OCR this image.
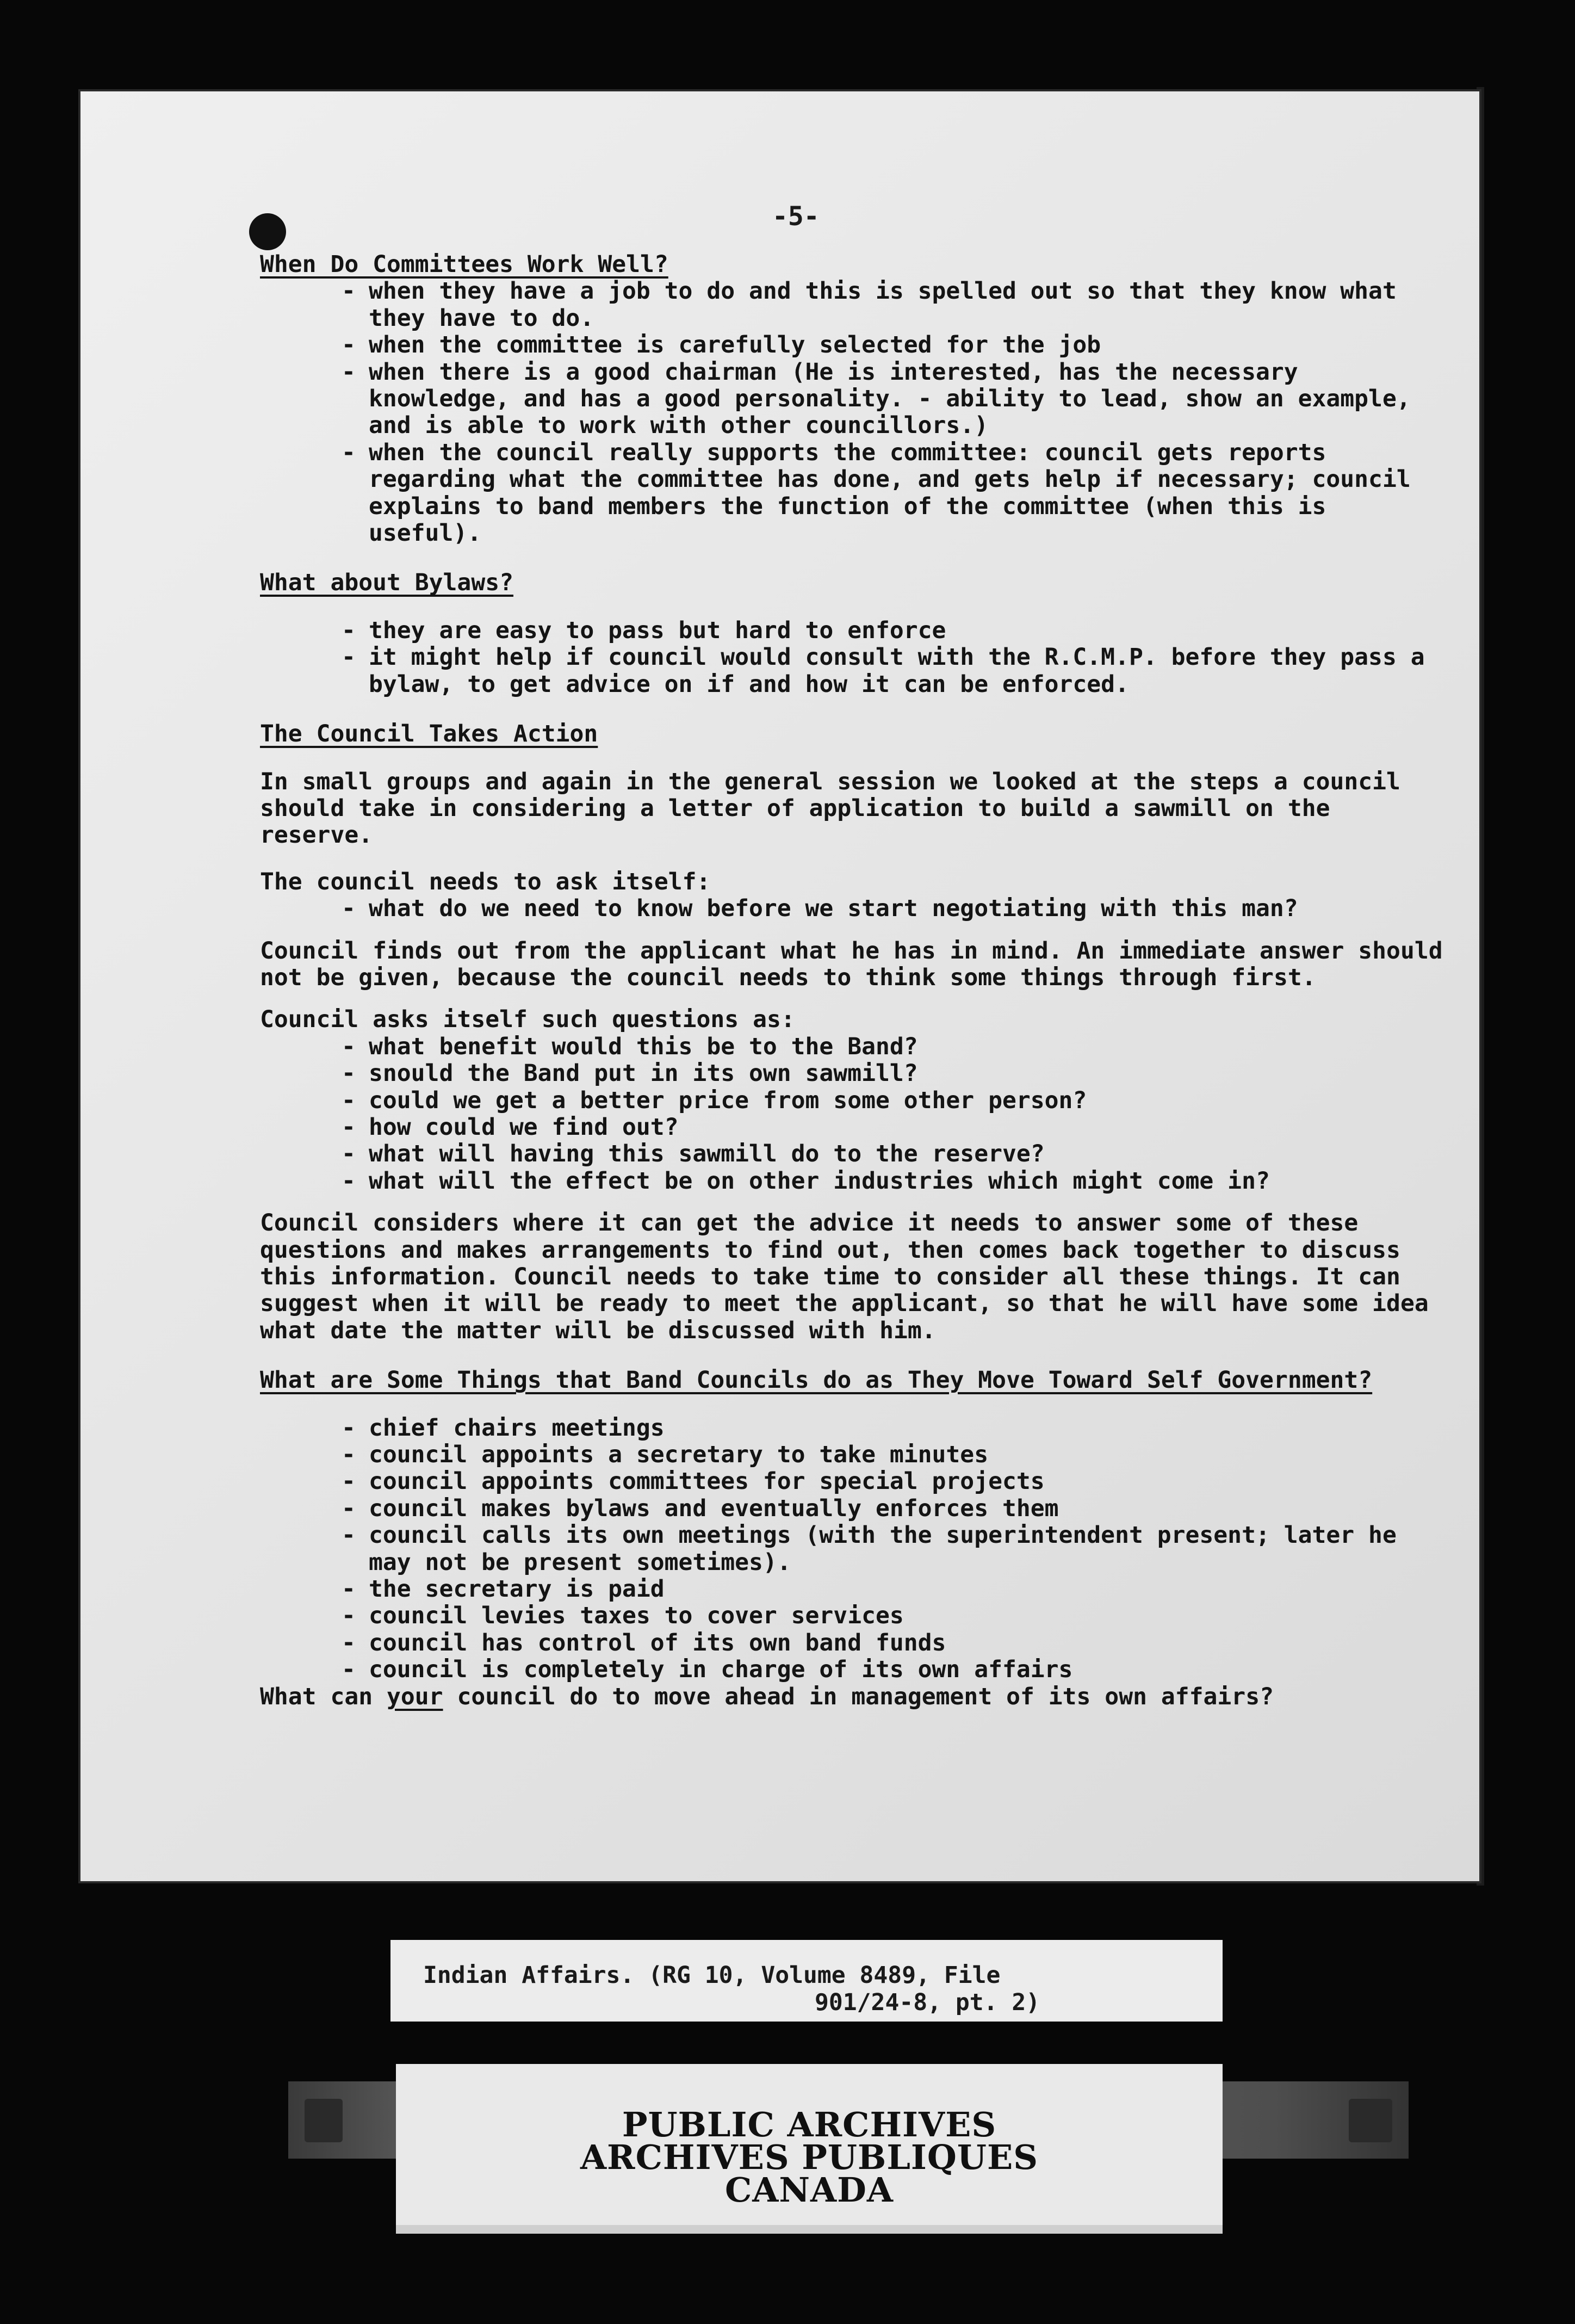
-5-

When Do Committees Work Well?

- when they have a job to do and this is spelled out so that they know what they have to do.
- when the committee is carefully selected for the job
- when there is a good chairman (He is interested, has the necessary knowledge, and has a good personality. - ability to lead, show an example, and is able to work with other councillors.)
- when the council really supports the committee: council gets reports regarding what the committee has done, and gets help if necessary; council explains to band members the function of the committee (when this is useful).

What about Bylaws?

- they are easy to pass but hard to enforce
- it might help if council would consult with the R.C.M.P. before they pass a bylaw, to get advice on if and how it can be enforced.

The Council Takes Action

In small groups and again in the general session we looked at the steps a council should take in considering a letter of application to build a sawmill on the reserve.

The council needs to ask itself:

- what do we need to know before we start negotiating with this man?

Council finds out from the applicant what he has in mind. An immediate answer should not be given, because the council needs to think some things through first.

Council asks itself such questions as:

- what benefit would this be to the Band?
- snould the Band put in its own sawmill?
- could we get a better price from some other person?
- how could we find out?
- what will having this sawmill do to the reserve?
- what will the effect be on other industries which might come in?

Council considers where it can get the advice it needs to answer some of these questions and makes arrangements to find out, then comes back together to discuss this information. Council needs to take time to consider all these things. It can suggest when it will be ready to meet the applicant, so that he will have some idea what date the matter will be discussed with him.

What are Some Things that Band Councils do as They Move Toward Self Government?

- chief chairs meetings
- council appoints a secretary to take minutes
- council appoints committees for special projects
- council makes bylaws and eventually enforces them
- council calls its own meetings (with the superintendent present; later he may not be present sometimes).
- the secretary is paid
- council levies taxes to cover services
- council has control of its own band funds
- council is completely in charge of its own affairs

What can your council do to move ahead in management of its own affairs?

Indian Affairs. (RG 10, Volume 8489, File
901/24-8, pt. 2)
PUBLIC ARCHIVES
ARCHIVES PUBLIQUES
CANADA
